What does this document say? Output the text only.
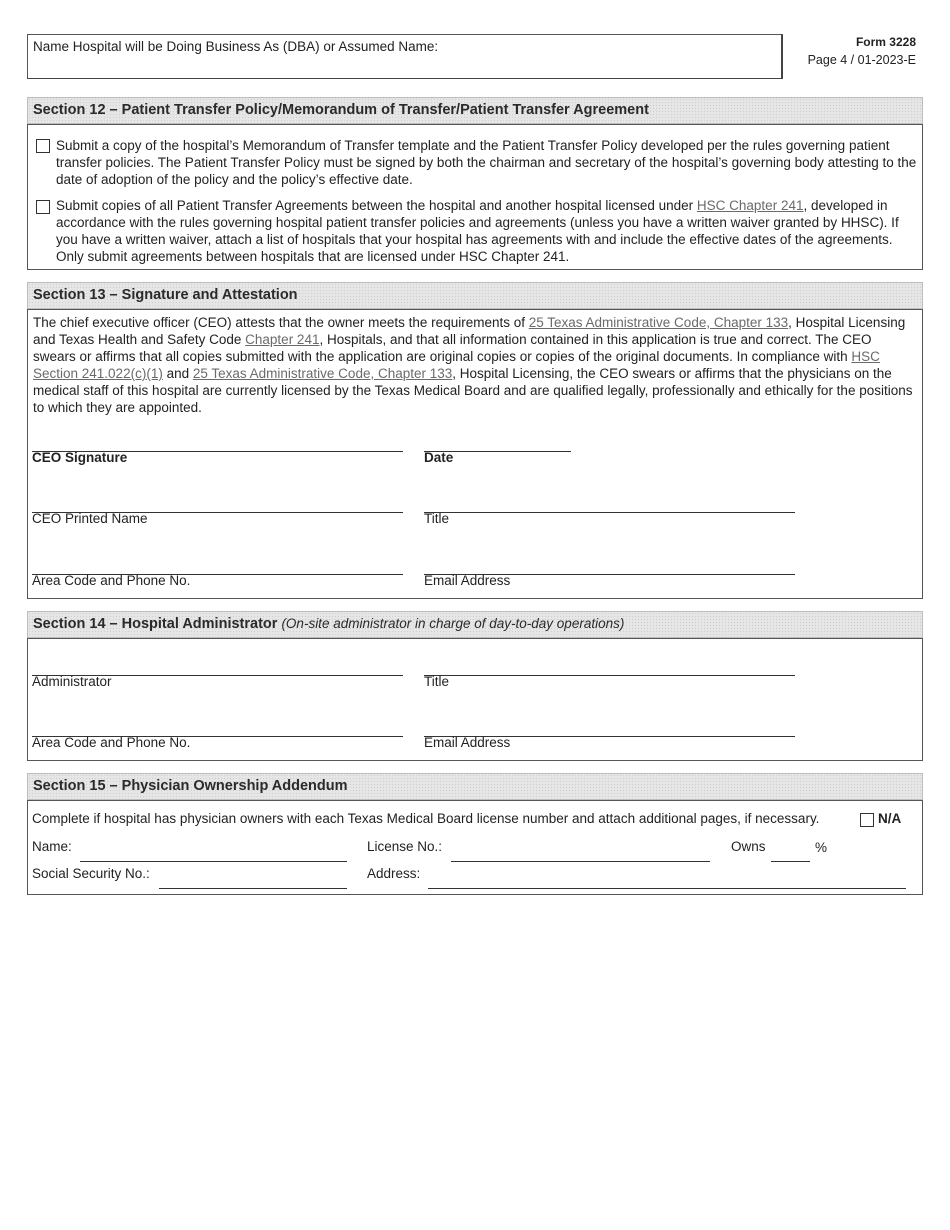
Name Hospital will be Doing Business As (DBA) or Assumed Name:	Form 3228
Page 4 / 01-2023-E
Section 12 – Patient Transfer Policy/Memorandum of Transfer/Patient Transfer Agreement
Submit a copy of the hospital’s Memorandum of Transfer template and the Patient Transfer Policy developed per the rules governing patient transfer policies. The Patient Transfer Policy must be signed by both the chairman and secretary of the hospital’s governing body attesting to the date of adoption of the policy and the policy’s effective date.
Submit copies of all Patient Transfer Agreements between the hospital and another hospital licensed under HSC Chapter 241, developed in accordance with the rules governing hospital patient transfer policies and agreements (unless you have a written waiver granted by HHSC). If you have a written waiver, attach a list of hospitals that your hospital has agreements with and include the effective dates of the agreements. Only submit agreements between hospitals that are licensed under HSC Chapter 241.
Section 13 – Signature and Attestation
The chief executive officer (CEO) attests that the owner meets the requirements of 25 Texas Administrative Code, Chapter 133, Hospital Licensing and Texas Health and Safety Code Chapter 241, Hospitals, and that all information contained in this application is true and correct. The CEO swears or affirms that all copies submitted with the application are original copies or copies of the original documents. In compliance with HSC Section 241.022(c)(1) and 25 Texas Administrative Code, Chapter 133, Hospital Licensing, the CEO swears or affirms that the physicians on the medical staff of this hospital are currently licensed by the Texas Medical Board and are qualified legally, professionally and ethically for the positions to which they are appointed.
CEO Signature	Date
CEO Printed Name	Title
Area Code and Phone No.	Email Address
Section 14 – Hospital Administrator (On-site administrator in charge of day-to-day operations)
Administrator	Title
Area Code and Phone No.	Email Address
Section 15 – Physician Ownership Addendum
Complete if hospital has physician owners with each Texas Medical Board license number and attach additional pages, if necessary.	N/A
Name:	License No.:	Owns	%
Social Security No.:	Address:
